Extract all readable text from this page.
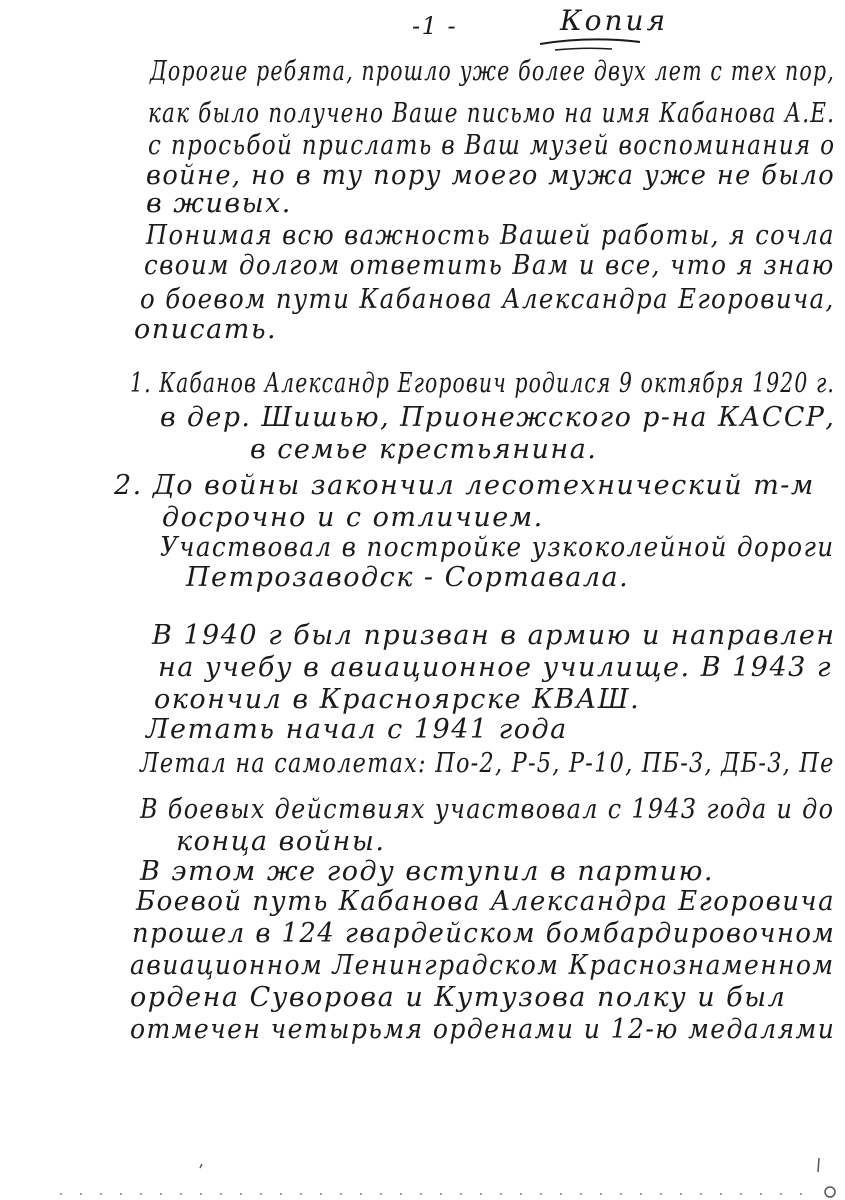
-1 -	Копия
Дорогие ребята, прошло уже более двух лет с тех пор,
как было получено Ваше письмо на имя Кабанова А.Е.
с просьбой прислать в Ваш музей воспоминания о
войне, но в ту пору моего мужа уже не было
в живых.
Понимая всю важность Вашей работы, я сочла
своим долгом ответить Вам и все, что я знаю
о боевом пути Кабанова Александра Егоровича,
описать.
1. Кабанов Александр Егорович родился 9 октября 1920 г.
в дер. Шишью, Прионежского р-на КАССР,
в семье крестьянина.
2. До войны закончил лесотехнический т-м
досрочно и с отличием.
Участвовал в постройке узкоколейной дороги
Петрозаводск - Сортавала.
В 1940 г был призван в армию и направлен
на учебу в авиационное училище. В 1943 г
окончил в Красноярске КВАШ.
Летать начал с 1941 года
Летал на самолетах: По-2, Р-5, Р-10, ПБ-3, ДБ-3, Пе
В боевых действиях участвовал с 1943 года и до
конца войны.
В этом же году вступил в партию.
Боевой путь Кабанова Александра Егоровича
прошел в 124 гвардейском бомбардировочном
авиационном Ленинградском Краснознаменном
ордена Суворова и Кутузова полку и был
отмечен четырьмя орденами и 12-ю медалями
